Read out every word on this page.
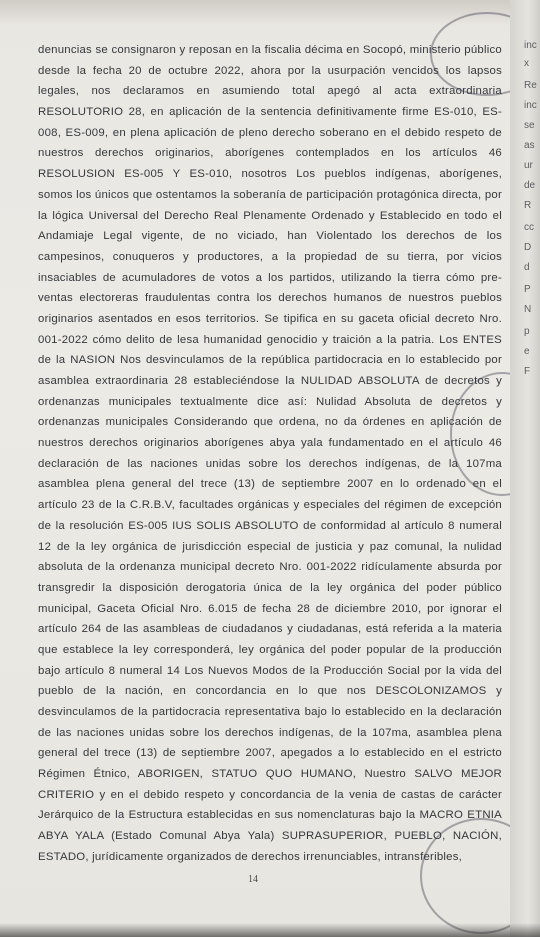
denuncias se consignaron y reposan en la fiscalia décima en Socopó, ministerio público
desde la fecha 20 de octubre 2022, ahora por la usurpación vencidos los lapsos
legales, nos declaramos en asumiendo total apegó al acta extraordinaria
RESOLUTORIO 28, en aplicación de la sentencia definitivamente firme ES-010, ES-
008, ES-009, en plena aplicación de pleno derecho soberano en el debido respeto de
nuestros derechos originarios, aborígenes contemplados en los artículos 46
RESOLUSION ES-005 Y ES-010, nosotros Los pueblos indígenas, aborígenes,
somos los únicos que ostentamos la soberanía de participación protagónica directa, por
la lógica Universal del Derecho Real Plenamente Ordenado y Establecido en todo el
Andamiaje Legal vigente, de no viciado, han Violentado los derechos de los
campesinos, conuqueros y productores, a la propiedad de su tierra, por vicios
insaciables de acumuladores de votos a los partidos, utilizando la tierra cómo pre-
ventas electoreras fraudulentas contra los derechos humanos de nuestros pueblos
originarios asentados en esos territorios. Se tipifica en su gaceta oficial decreto Nro.
001-2022 cómo delito de lesa humanidad genocidio y traición a la patria. Los ENTES
de la NASION Nos desvinculamos de la república partidocracia en lo establecido por
asamblea extraordinaria 28 estableciéndose la NULIDAD ABSOLUTA de decretos y
ordenanzas municipales textualmente dice así: Nulidad Absoluta de decretos y
ordenanzas municipales Considerando que ordena, no da órdenes en aplicación de
nuestros derechos originarios aborígenes abya yala fundamentado en el artículo 46
declaración de las naciones unidas sobre los derechos indígenas, de la 107ma
asamblea plena general del trece (13) de septiembre 2007 en lo ordenado en el
artículo 23 de la C.R.B.V, facultades orgánicas y especiales del régimen de excepción
de la resolución ES-005 IUS SOLIS ABSOLUTO de conformidad al artículo 8 numeral
12 de la ley orgánica de jurisdicción especial de justicia y paz comunal, la nulidad
absoluta de la ordenanza municipal decreto Nro. 001-2022 ridículamente absurda por
transgredir la disposición derogatoria única de la ley orgánica del poder público
municipal, Gaceta Oficial Nro. 6.015 de fecha 28 de diciembre 2010, por ignorar el
artículo 264 de las asambleas de ciudadanos y ciudadanas, está referida a la materia
que establece la ley corresponderá, ley orgánica del poder popular de la producción
bajo artículo 8 numeral 14 Los Nuevos Modos de la Producción Social por la vida del
pueblo de la nación, en concordancia en lo que nos DESCOLONIZAMOS y
desvinculamos de la partidocracia representativa bajo lo establecido en la declaración
de las naciones unidas sobre los derechos indígenas, de la 107ma, asamblea plena
general del trece (13) de septiembre 2007, apegados a lo establecido en el estricto
Régimen Étnico, ABORIGEN, STATUO QUO HUMANO, Nuestro SALVO MEJOR
CRITERIO y en el debido respeto y concordancia de la venia de castas de carácter
Jerárquico de la Estructura establecidas en sus nomenclaturas bajo la MACRO ETNIA
ABYA YALA (Estado Comunal Abya Yala) SUPRASUPERIOR, PUEBLO, NACIÓN,
ESTADO, jurídicamente organizados de derechos irrenunciables, intransferibles,
14
inc
x
Re
inc
se
as
ur
de
R
cc
D
d
P
N
p
e
F
